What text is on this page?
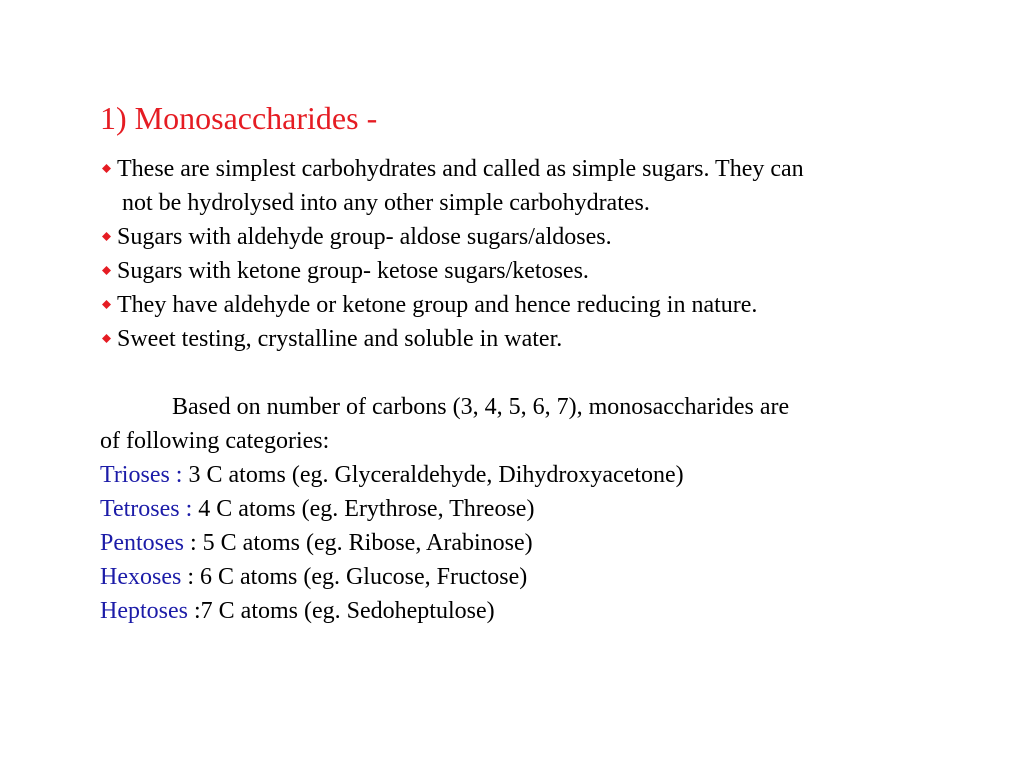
1) Monosaccharides -
These are simplest carbohydrates and called as simple sugars. They can
not be hydrolysed into any other simple carbohydrates.
Sugars with aldehyde group- aldose sugars/aldoses.
Sugars with ketone group- ketose sugars/ketoses.
They have aldehyde or ketone group and hence reducing in nature.
Sweet testing, crystalline and soluble in water.
Based on number of carbons (3, 4, 5, 6, 7), monosaccharides are
of following categories:
Trioses : 3 C atoms (eg. Glyceraldehyde, Dihydroxyacetone)
Tetroses : 4 C atoms (eg. Erythrose, Threose)
Pentoses : 5 C atoms (eg. Ribose, Arabinose)
Hexoses : 6 C atoms (eg. Glucose, Fructose)
Heptoses :7 C atoms (eg. Sedoheptulose)
